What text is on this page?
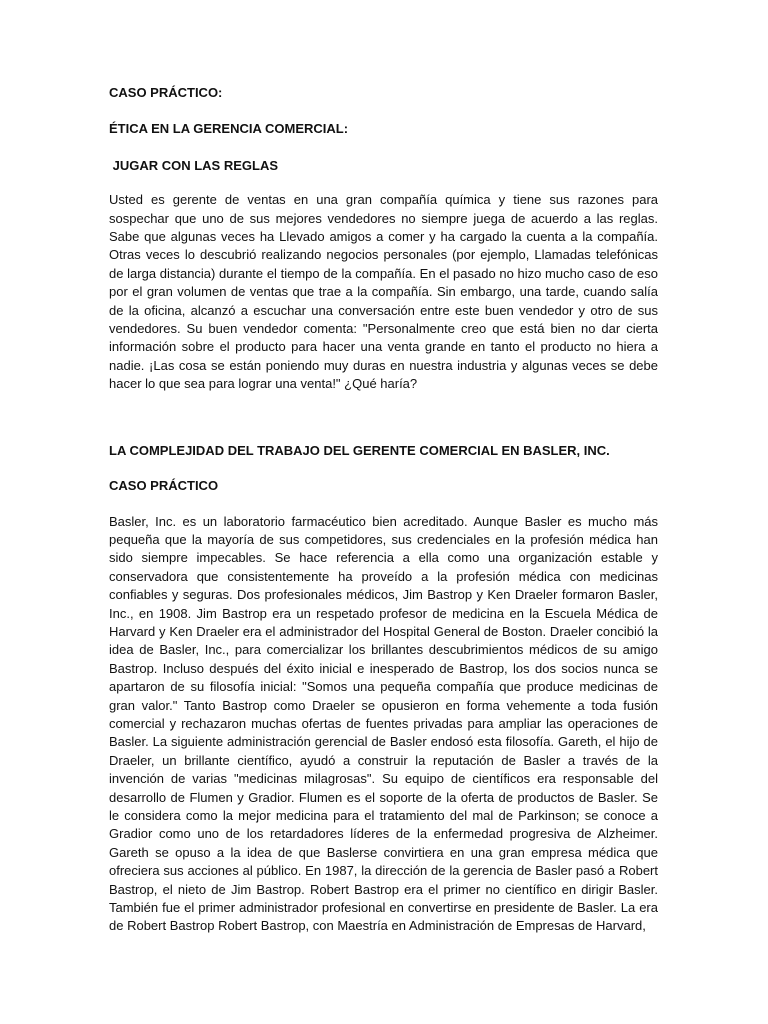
CASO PRÁCTICO:

ÉTICA EN LA GERENCIA COMERCIAL:

JUGAR CON LAS REGLAS

Usted es gerente de ventas en una gran compañía química y tiene sus razones para sospechar que uno de sus mejores vendedores no siempre juega de acuerdo a las reglas. Sabe que algunas veces ha Llevado amigos a comer y ha cargado la cuenta a la compañía. Otras veces lo descubrió realizando negocios personales (por ejemplo, Llamadas telefónicas de larga distancia) durante el tiempo de la compañía. En el pasado no hizo mucho caso de eso por el gran volumen de ventas que trae a la compañía. Sin embargo, una tarde, cuando salía de la oficina, alcanzó a escuchar una conversación entre este buen vendedor y otro de sus vendedores. Su buen vendedor comenta: "Personalmente creo que está bien no dar cierta información sobre el producto para hacer una venta grande en tanto el producto no hiera a nadie. ¡Las cosa se están poniendo muy duras en nuestra industria y algunas veces se debe hacer lo que sea para lograr una venta!" ¿Qué haría?

LA COMPLEJIDAD DEL TRABAJO DEL GERENTE COMERCIAL EN BASLER, INC.

CASO PRÁCTICO

Basler, Inc. es un laboratorio farmacéutico bien acreditado. Aunque Basler es mucho más pequeña que la mayoría de sus competidores, sus credenciales en la profesión médica han sido siempre impecables. Se hace referencia a ella como una organización estable y conservadora que consistentemente ha proveído a la profesión médica con medicinas confiables y seguras. Dos profesionales médicos, Jim Bastrop y Ken Draeler formaron Basler, Inc., en 1908. Jim Bastrop era un respetado profesor de medicina en la Escuela Médica de Harvard y Ken Draeler era el administrador del Hospital General de Boston. Draeler concibió la idea de Basler, Inc., para comercializar los brillantes descubrimientos médicos de su amigo Bastrop. Incluso después del éxito inicial e inesperado de Bastrop, los dos socios nunca se apartaron de su filosofía inicial: "Somos una pequeña compañía que produce medicinas de gran valor." Tanto Bastrop como Draeler se opusieron en forma vehemente a toda fusión comercial y rechazaron muchas ofertas de fuentes privadas para ampliar las operaciones de Basler. La siguiente administración gerencial de Basler endosó esta filosofía. Gareth, el hijo de Draeler, un brillante científico, ayudó a construir la reputación de Basler a través de la invención de varias "medicinas milagrosas". Su equipo de científicos era responsable del desarrollo de Flumen y Gradior. Flumen es el soporte de la oferta de productos de Basler. Se le considera como la mejor medicina para el tratamiento del mal de Parkinson; se conoce a Gradior como uno de los retardadores líderes de la enfermedad progresiva de Alzheimer. Gareth se opuso a la idea de que Baslerse convirtiera en una gran empresa médica que ofreciera sus acciones al público. En 1987, la dirección de la gerencia de Basler pasó a Robert Bastrop, el nieto de Jim Bastrop. Robert Bastrop era el primer no científico en dirigir Basler. También fue el primer administrador profesional en convertirse en presidente de Basler. La era de Robert Bastrop Robert Bastrop, con Maestría en Administración de Empresas de Harvard,
